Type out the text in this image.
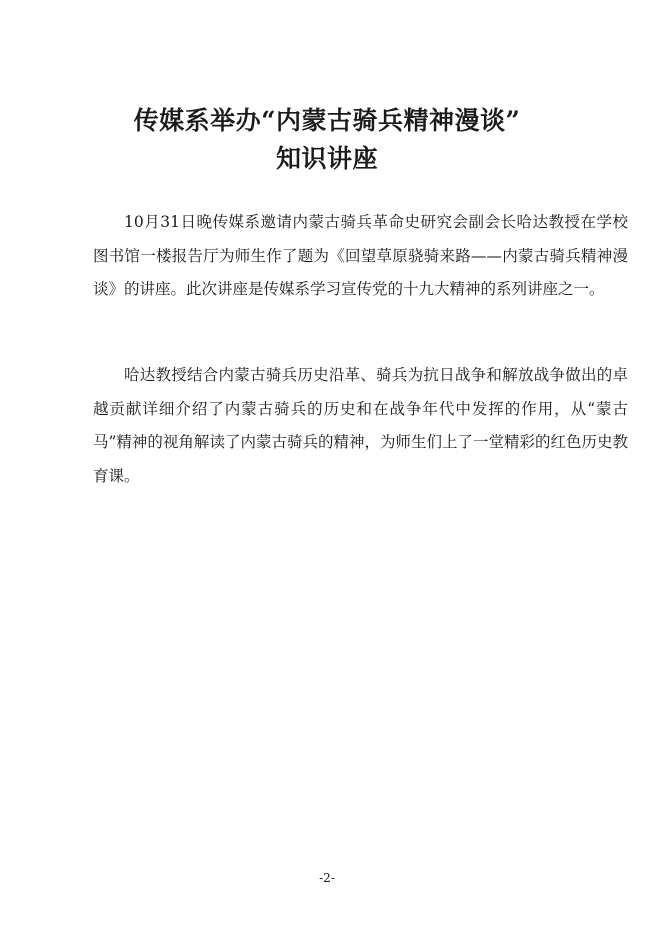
传媒系举办“内蒙古骑兵精神漫谈”
知识讲座

10月31日晚传媒系邀请内蒙古骑兵革命史研究会副会长哈达教授在学校图书馆一楼报告厅为师生作了题为《回望草原骁骑来路——内蒙古骑兵精神漫谈》的讲座。此次讲座是传媒系学习宣传党的十九大精神的系列讲座之一。

哈达教授结合内蒙古骑兵历史沿革、骑兵为抗日战争和解放战争做出的卓越贡献详细介绍了内蒙古骑兵的历史和在战争年代中发挥的作用，从“蒙古马”精神的视角解读了内蒙古骑兵的精神，为师生们上了一堂精彩的红色历史教育课。

-2-
